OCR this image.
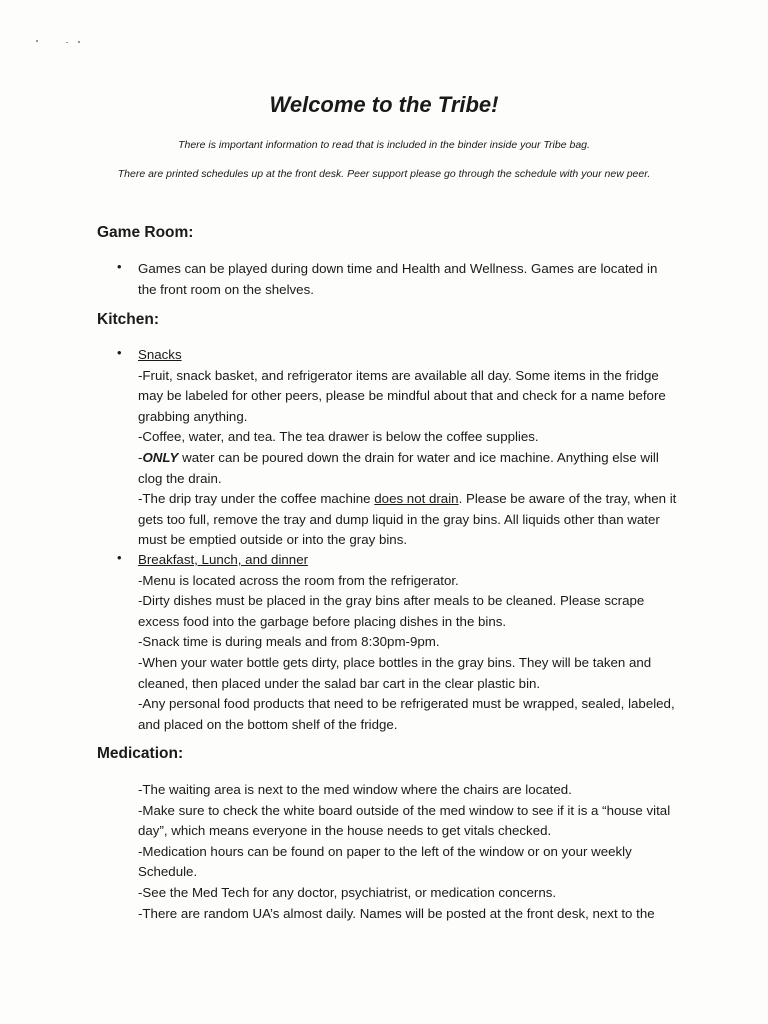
Welcome to the Tribe!

There is important information to read that is included in the binder inside your Tribe bag.

There are printed schedules up at the front desk. Peer support please go through the schedule with your new peer.

Game Room:
• Games can be played during down time and Health and Wellness. Games are located in the front room on the shelves.

Kitchen:
• Snacks

-Fruit, snack basket, and refrigerator items are available all day. Some items in the fridge may be labeled for other peers, please be mindful about that and check for a name before grabbing anything.

-Coffee, water, and tea. The tea drawer is below the coffee supplies.

-ONLY water can be poured down the drain for water and ice machine. Anything else will clog the drain.

-The drip tray under the coffee machine does not drain. Please be aware of the tray, when it gets too full, remove the tray and dump liquid in the gray bins. All liquids other than water must be emptied outside or into the gray bins.

• Breakfast, Lunch, and dinner

-Menu is located across the room from the refrigerator.

-Dirty dishes must be placed in the gray bins after meals to be cleaned. Please scrape excess food into the garbage before placing dishes in the bins.

-Snack time is during meals and from 8:30pm-9pm.

-When your water bottle gets dirty, place bottles in the gray bins. They will be taken and cleaned, then placed under the salad bar cart in the clear plastic bin.

-Any personal food products that need to be refrigerated must be wrapped, sealed, labeled, and placed on the bottom shelf of the fridge.

Medication:

-The waiting area is next to the med window where the chairs are located.

-Make sure to check the white board outside of the med window to see if it is a “house vital day”, which means everyone in the house needs to get vitals checked.

-Medication hours can be found on paper to the left of the window or on your weekly Schedule.

-See the Med Tech for any doctor, psychiatrist, or medication concerns.

-There are random UA’s almost daily. Names will be posted at the front desk, next to the
